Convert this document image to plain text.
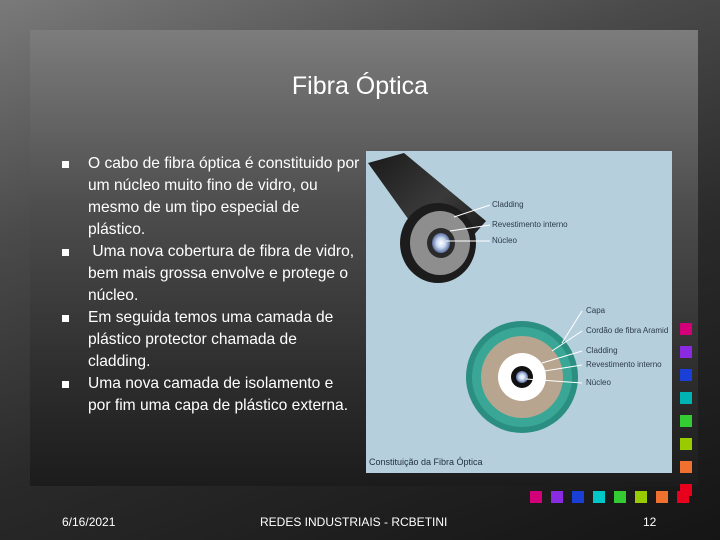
Fibra Óptica
O cabo de fibra óptica é constituido por um núcleo muito fino de vidro, ou mesmo de um tipo especial de plástico.
Uma nova cobertura de fibra de vidro, bem mais grossa envolve e protege o núcleo.
Em seguida temos uma camada de plástico protector chamada de cladding.
Uma nova camada de isolamento e por fim uma capa de plástico externa.
Cladding
Revestimento interno
Núcleo
Capa
Cordão de fibra Aramid
Cladding
Revestimento interno
Núcleo
Constituição da Fibra Óptica
6/16/2021	REDES INDUSTRIAIS - RCBETINI	12
